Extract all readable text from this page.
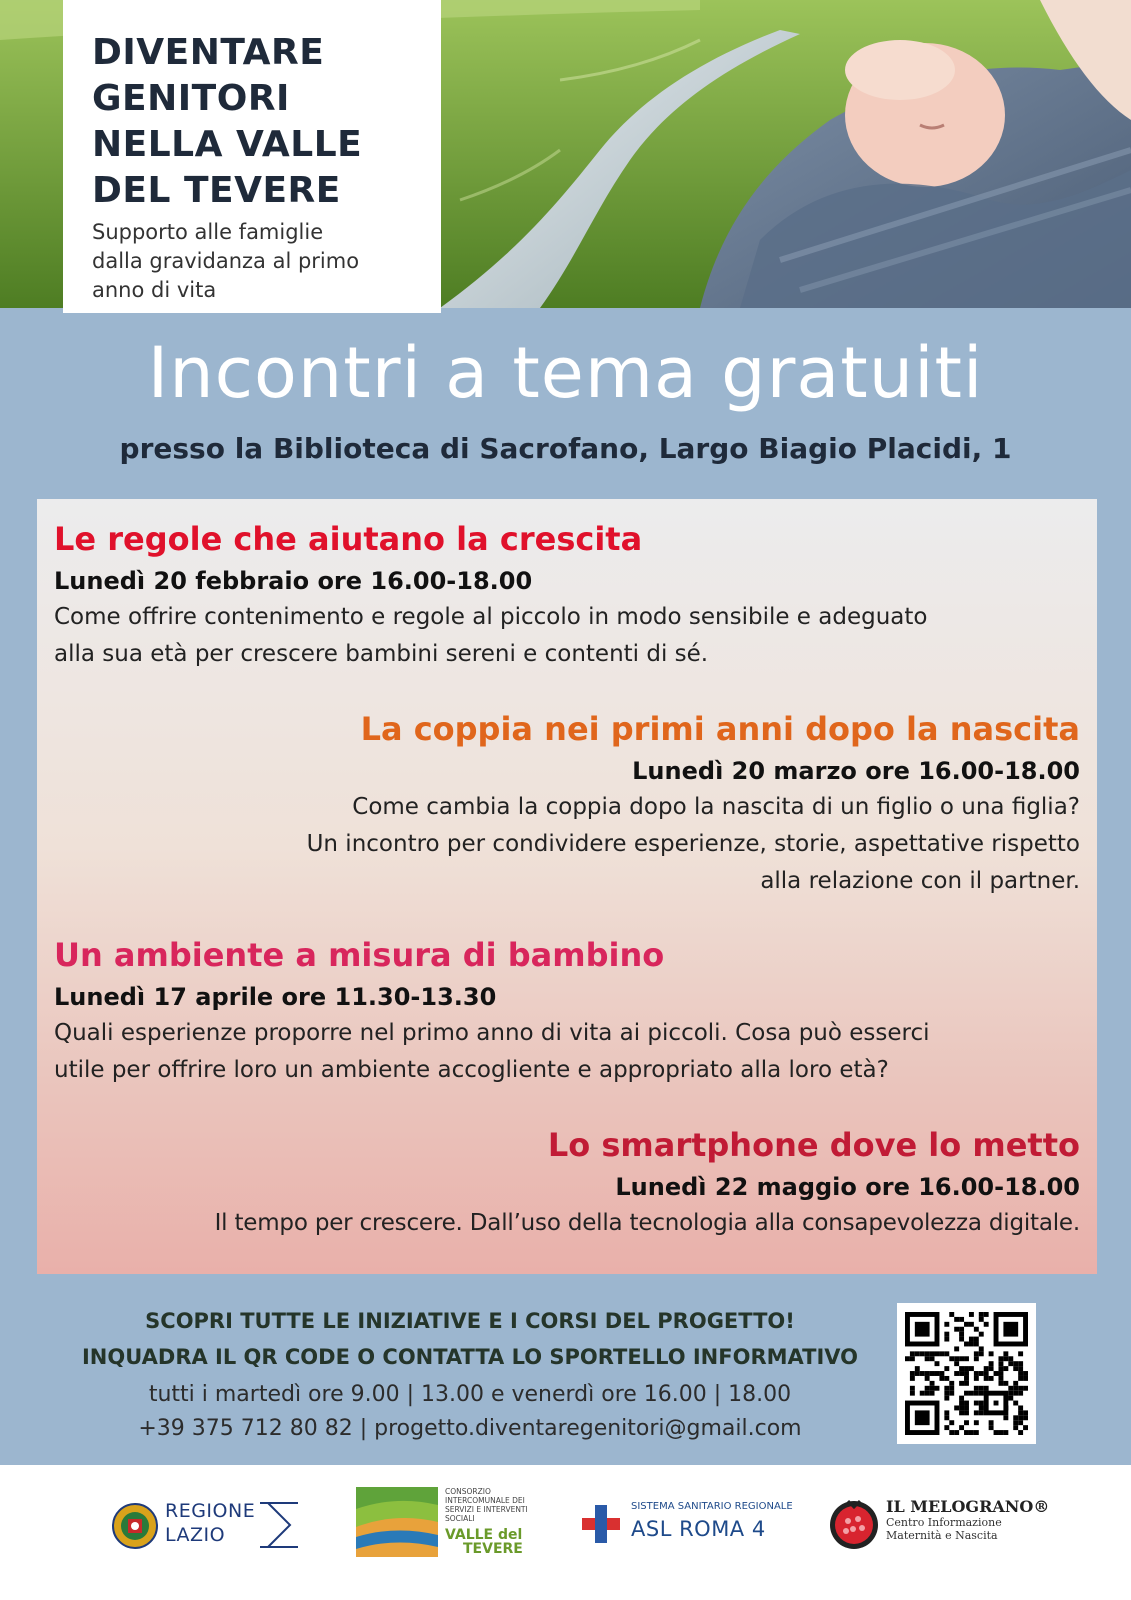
DIVENTARE
GENITORI
NELLA VALLE
DEL TEVERE
Supporto alle famiglie
dalla gravidanza al primo
anno di vita
Incontri a tema gratuiti
presso la Biblioteca di Sacrofano, Largo Biagio Placidi, 1
Le regole che aiutano la crescita
Lunedì 20 febbraio ore 16.00-18.00
Come offrire contenimento e regole al piccolo in modo sensibile e adeguato
alla sua età per crescere bambini sereni e contenti di sé.
La coppia nei primi anni dopo la nascita
Lunedì 20 marzo ore 16.00-18.00
Come cambia la coppia dopo la nascita di un figlio o una figlia?
Un incontro per condividere esperienze, storie, aspettative rispetto
alla relazione con il partner.
Un ambiente a misura di bambino
Lunedì 17 aprile ore 11.30-13.30
Quali esperienze proporre nel primo anno di vita ai piccoli. Cosa può esserci
utile per offrire loro un ambiente accogliente e appropriato alla loro età?
Lo smartphone dove lo metto
Lunedì 22 maggio ore 16.00-18.00
Il tempo per crescere. Dall’uso della tecnologia alla consapevolezza digitale.
SCOPRI TUTTE LE INIZIATIVE E I CORSI DEL PROGETTO!
INQUADRA IL QR CODE O CONTATTA LO SPORTELLO INFORMATIVO
tutti i martedì ore 9.00 | 13.00 e venerdì ore 16.00 | 18.00
+39 375 712 80 82 | progetto.diventaregenitori@gmail.com
REGIONE
LAZIO
CONSORZIO INTERCOMUNALE DEI SERVIZI E INTERVENTI SOCIALI
VALLE del
TEVERE
SISTEMA SANITARIO REGIONALE
ASL ROMA 4
IL MELOGRANO®
Centro Informazione Maternità e Nascita
